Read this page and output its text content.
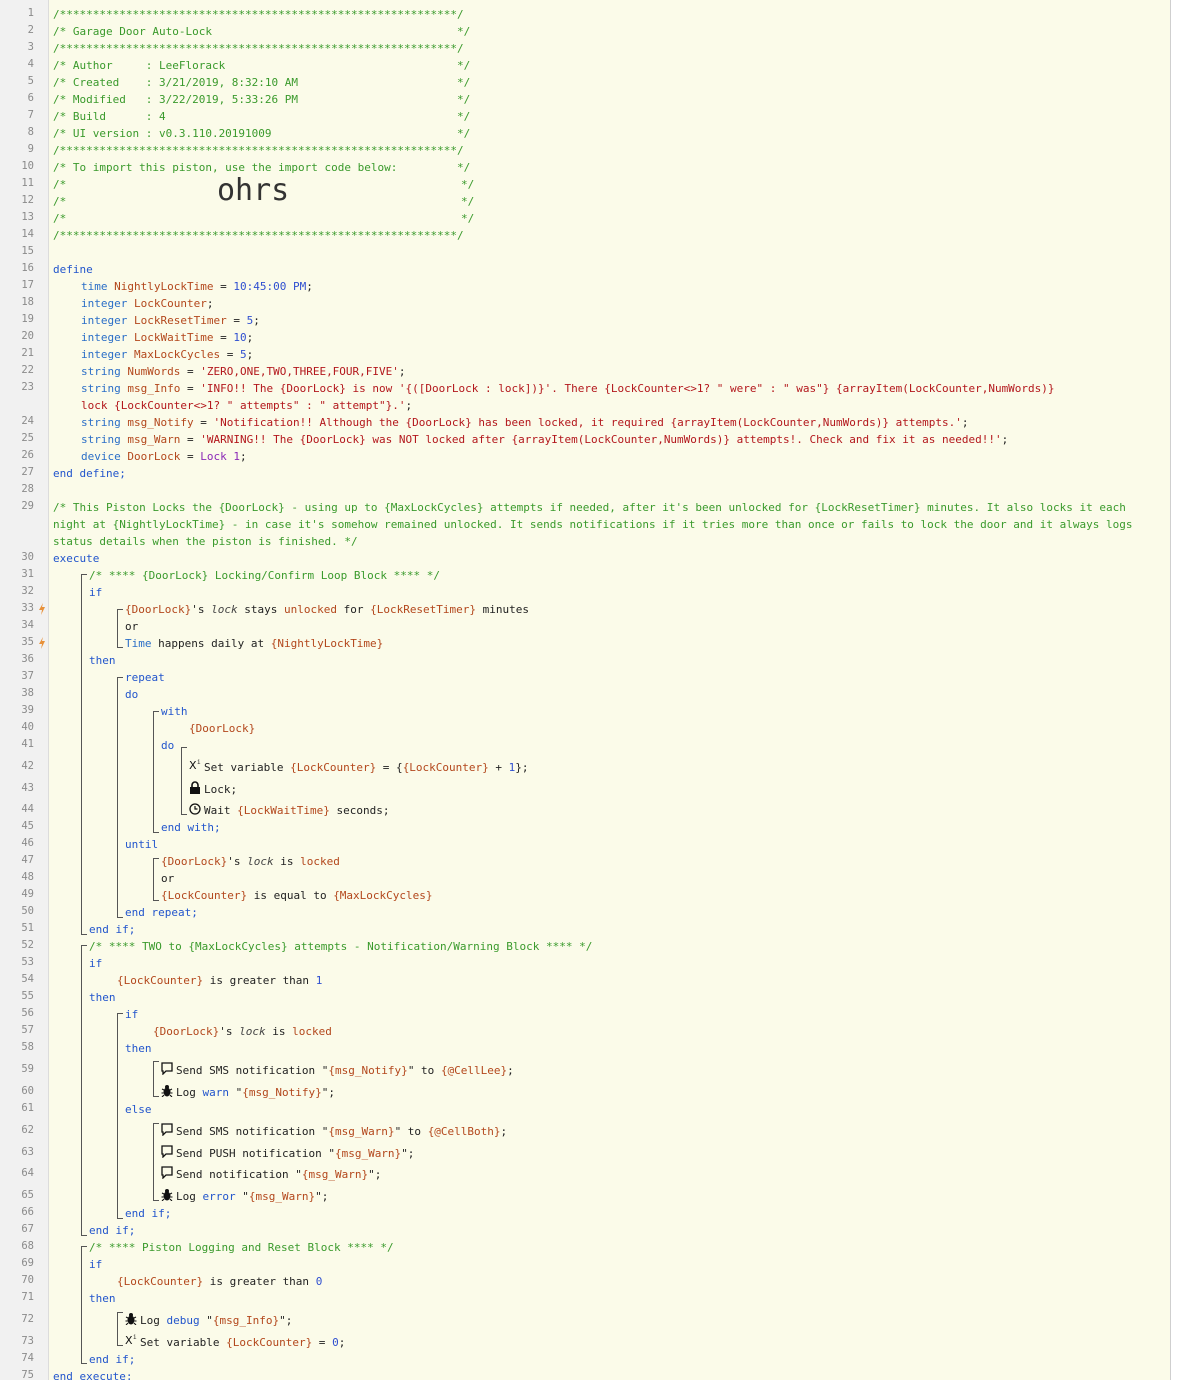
1
2
3
4
5
6
7
8
9
10
11
12
13
14
15
16
17
18
19
20
21
22
23
24
25
26
27
28
29
30
31
32
33
34
35
36
37
38
39
40
41
42
43
44
45
46
47
48
49
50
51
52
53
54
55
56
57
58
59
60
61
62
63
64
65
66
67
68
69
70
71
72
73
74
75
/************************************************************/
/* Garage Door Auto-Lock                                     */
/************************************************************/
/* Author     : LeeFlorack                                   */
/* Created    : 3/21/2019, 8:32:10 AM                        */
/* Modified   : 3/22/2019, 5:33:26 PM                        */
/* Build      : 4                                            */
/* UI version : v0.3.110.20191009                            */
/************************************************************/
/* To import this piston, use the import code below:         */
/*	*/
/*	*/
/*	*/
/************************************************************/
ohrs
define
time NightlyLockTime = 10:45:00 PM;
integer LockCounter;
integer LockResetTimer = 5;
integer LockWaitTime = 10;
integer MaxLockCycles = 5;
string NumWords = 'ZERO,ONE,TWO,THREE,FOUR,FIVE';
string msg_Info = 'INFO!! The {DoorLock} is now '{([DoorLock : lock])}'. There {LockCounter<>1? " were" : " was"} {arrayItem(LockCounter,NumWords)} lock {LockCounter<>1? " attempts" : " attempt"}.';
string msg_Notify = 'Notification!! Although the {DoorLock} has been locked, it required {arrayItem(LockCounter,NumWords)} attempts.';
string msg_Warn = 'WARNING!! The {DoorLock} was NOT locked after {arrayItem(LockCounter,NumWords)} attempts!. Check and fix it as needed!!';
device DoorLock = Lock 1;
end define;
/* This Piston Locks the {DoorLock} - using up to {MaxLockCycles} attempts if needed, after it's been unlocked for {LockResetTimer} minutes. It also locks it each night at {NightlyLockTime} - in case it's somehow remained unlocked. It sends notifications if it tries more than once or fails to lock the door and it always logs status details when the piston is finished. */
execute
/* **** {DoorLock} Locking/Confirm Loop Block **** */
if
{DoorLock}'s lock stays unlocked for {LockResetTimer} minutes
or
Time happens daily at {NightlyLockTime}
then
repeat
do
with
{DoorLock}
do
X i Set variable {LockCounter} = {{LockCounter} + 1};
Lock;
Wait {LockWaitTime} seconds;
end with;
until
{DoorLock}'s lock is locked
or
{LockCounter} is equal to {MaxLockCycles}
end repeat;
end if;
/* **** TWO to {MaxLockCycles} attempts - Notification/Warning Block **** */
if
{LockCounter} is greater than 1
then
if
{DoorLock}'s lock is locked
then
Send SMS notification "{msg_Notify}" to {@CellLee};
Log warn "{msg_Notify}";
else
Send SMS notification "{msg_Warn}" to {@CellBoth};
Send PUSH notification "{msg_Warn}";
Send notification "{msg_Warn}";
Log error "{msg_Warn}";
end if;
end if;
/* **** Piston Logging and Reset Block **** */
if
{LockCounter} is greater than 0
then
Log debug "{msg_Info}";
X i Set variable {LockCounter} = 0;
end if;
end execute;
